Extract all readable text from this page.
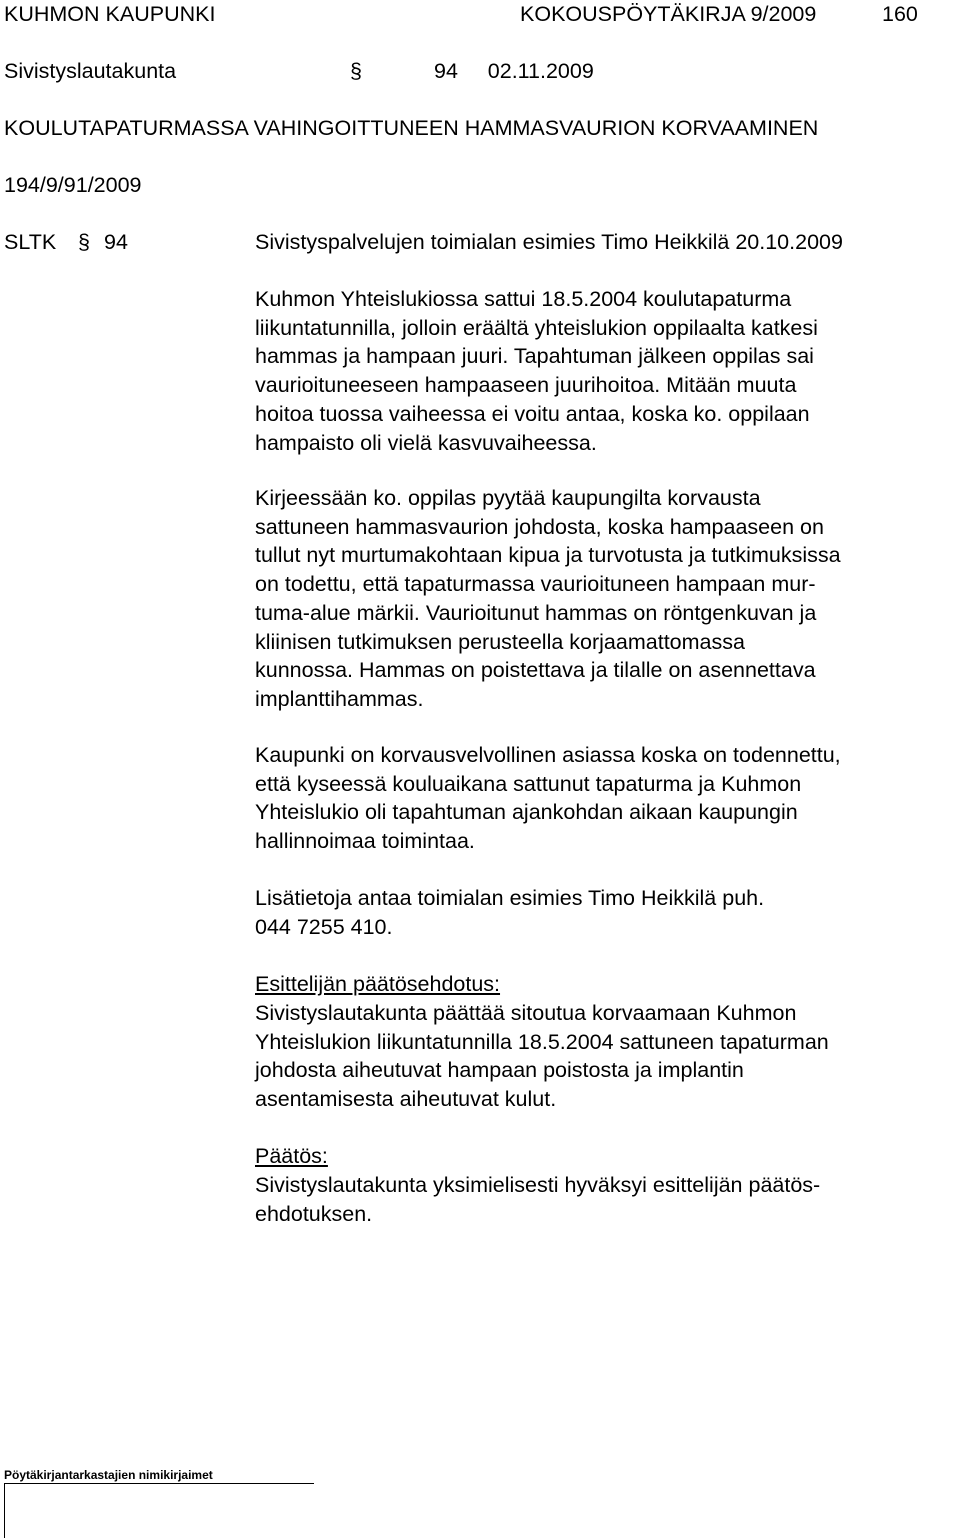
KUHMON KAUPUNKI	KOKOUSPÖYTÄKIRJA 9/2009	160
Sivistyslautakunta	§	94 02.11.2009
KOULUTAPATURMASSA VAHINGOITTUNEEN HAMMASVAURION KORVAAMINEN
194/9/91/2009
SLTK § 94	Sivistyspalvelujen toimialan esimies Timo Heikkilä 20.10.2009
Kuhmon Yhteislukiossa sattui 18.5.2004 koulutapaturma
liikuntatunnilla, jolloin eräältä yhteislukion oppilaalta katkesi
hammas ja hampaan juuri. Tapahtuman jälkeen oppilas sai
vaurioituneeseen hampaaseen juurihoitoa. Mitään muuta
hoitoa tuossa vaiheessa ei voitu antaa, koska ko. oppilaan
hampaisto oli vielä kasvuvaiheessa.
Kirjeessään ko. oppilas pyytää kaupungilta korvausta
sattuneen hammasvaurion johdosta, koska hampaaseen on
tullut nyt murtumakohtaan kipua ja turvotusta ja tutkimuksissa
on todettu, että tapaturmassa vaurioituneen hampaan mur-
tuma-alue märkii. Vaurioitunut hammas on röntgenkuvan ja
kliinisen tutkimuksen perusteella korjaamattomassa
kunnossa. Hammas on poistettava ja tilalle on asennettava
implanttihammas.
Kaupunki on korvausvelvollinen asiassa koska on todennettu,
että kyseessä kouluaikana sattunut tapaturma ja Kuhmon
Yhteislukio oli tapahtuman ajankohdan aikaan kaupungin
hallinnoimaa toimintaa.
Lisätietoja antaa toimialan esimies Timo Heikkilä puh.
044 7255 410.
Esittelijän päätösehdotus:
Sivistyslautakunta päättää sitoutua korvaamaan Kuhmon
Yhteislukion liikuntatunnilla 18.5.2004 sattuneen tapaturman
johdosta aiheutuvat hampaan poistosta ja implantin
asentamisesta aiheutuvat kulut.
Päätös:
Sivistyslautakunta yksimielisesti hyväksyi esittelijän päätös-
ehdotuksen.
Pöytäkirjantarkastajien nimikirjaimet
